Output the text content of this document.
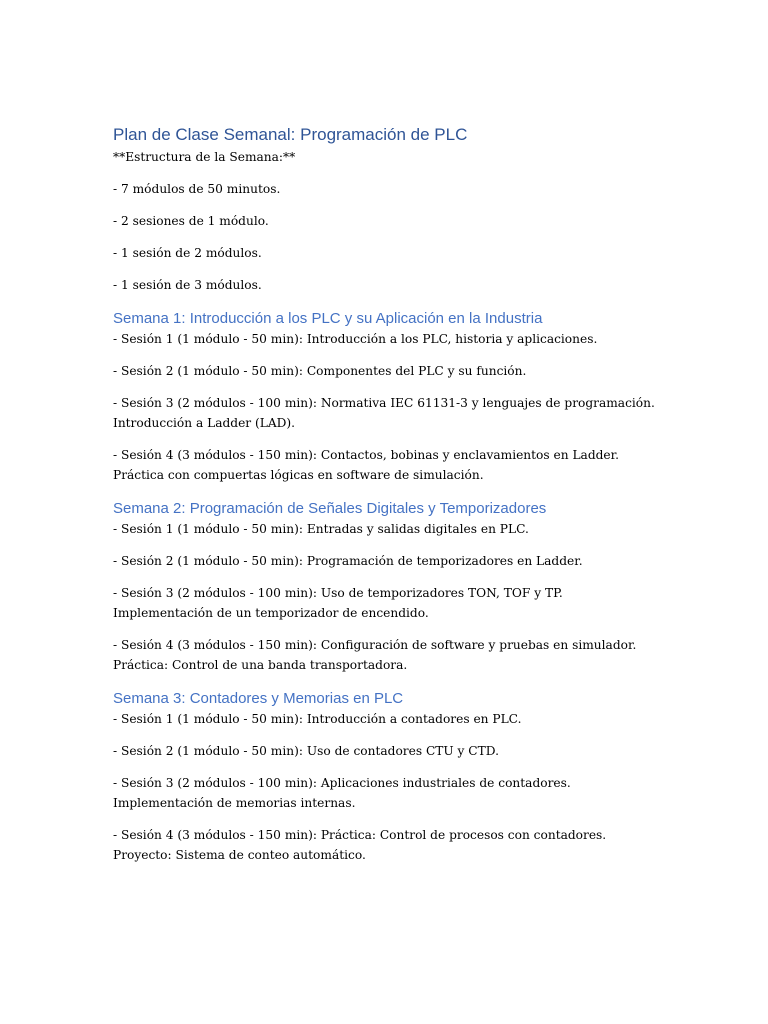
Plan de Clase Semanal: Programación de PLC

**Estructura de la Semana:**

- 7 módulos de 50 minutos.

- 2 sesiones de 1 módulo.

- 1 sesión de 2 módulos.

- 1 sesión de 3 módulos.

Semana 1: Introducción a los PLC y su Aplicación en la Industria

- Sesión 1 (1 módulo - 50 min): Introducción a los PLC, historia y aplicaciones.

- Sesión 2 (1 módulo - 50 min): Componentes del PLC y su función.

- Sesión 3 (2 módulos - 100 min): Normativa IEC 61131-3 y lenguajes de programación. Introducción a Ladder (LAD).

- Sesión 4 (3 módulos - 150 min): Contactos, bobinas y enclavamientos en Ladder. Práctica con compuertas lógicas en software de simulación.

Semana 2: Programación de Señales Digitales y Temporizadores

- Sesión 1 (1 módulo - 50 min): Entradas y salidas digitales en PLC.

- Sesión 2 (1 módulo - 50 min): Programación de temporizadores en Ladder.

- Sesión 3 (2 módulos - 100 min): Uso de temporizadores TON, TOF y TP. Implementación de un temporizador de encendido.

- Sesión 4 (3 módulos - 150 min): Configuración de software y pruebas en simulador. Práctica: Control de una banda transportadora.

Semana 3: Contadores y Memorias en PLC

- Sesión 1 (1 módulo - 50 min): Introducción a contadores en PLC.

- Sesión 2 (1 módulo - 50 min): Uso de contadores CTU y CTD.

- Sesión 3 (2 módulos - 100 min): Aplicaciones industriales de contadores. Implementación de memorias internas.

- Sesión 4 (3 módulos - 150 min): Práctica: Control de procesos con contadores. Proyecto: Sistema de conteo automático.
